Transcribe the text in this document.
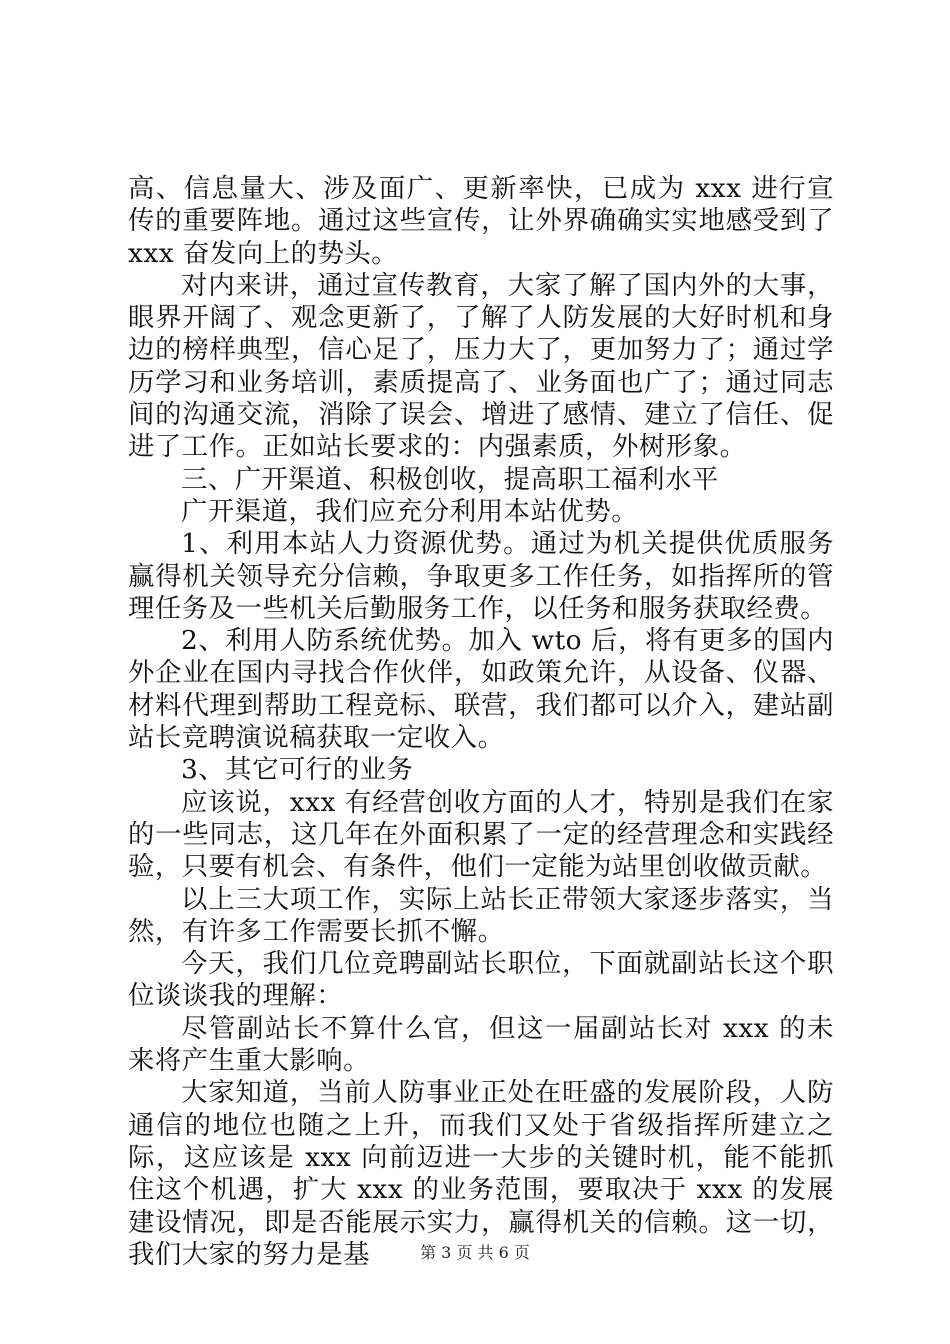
高、信息量大、涉及面广、更新率快，已成为 xxx 进行宣传的重要阵地。通过这些宣传，让外界确确实实地感受到了 xxx 奋发向上的势头。

对内来讲，通过宣传教育，大家了解了国内外的大事，眼界开阔了、观念更新了，了解了人防发展的大好时机和身边的榜样典型，信心足了，压力大了，更加努力了；通过学历学习和业务培训，素质提高了、业务面也广了；通过同志间的沟通交流，消除了误会、增进了感情、建立了信任、促进了工作。正如站长要求的：内强素质，外树形象。

三、广开渠道、积极创收，提高职工福利水平

广开渠道，我们应充分利用本站优势。

1、利用本站人力资源优势。通过为机关提供优质服务赢得机关领导充分信赖，争取更多工作任务，如指挥所的管理任务及一些机关后勤服务工作，以任务和服务获取经费。

2、利用人防系统优势。加入 wto 后，将有更多的国内外企业在国内寻找合作伙伴，如政策允许，从设备、仪器、材料代理到帮助工程竞标、联营，我们都可以介入，建站副站长竞聘演说稿获取一定收入。

3、其它可行的业务

应该说，xxx 有经营创收方面的人才，特别是我们在家的一些同志，这几年在外面积累了一定的经营理念和实践经验，只要有机会、有条件，他们一定能为站里创收做贡献。

以上三大项工作，实际上站长正带领大家逐步落实，当然，有许多工作需要长抓不懈。

今天，我们几位竞聘副站长职位，下面就副站长这个职位谈谈我的理解：

尽管副站长不算什么官，但这一届副站长对 xxx 的未来将产生重大影响。

大家知道，当前人防事业正处在旺盛的发展阶段，人防通信的地位也随之上升，而我们又处于省级指挥所建立之际，这应该是 xxx 向前迈进一大步的关键时机，能不能抓住这个机遇，扩大 xxx 的业务范围，要取决于 xxx 的发展建设情况，即是否能展示实力，赢得机关的信赖。这一切，我们大家的努力是基	第 3 页 共 6 页
